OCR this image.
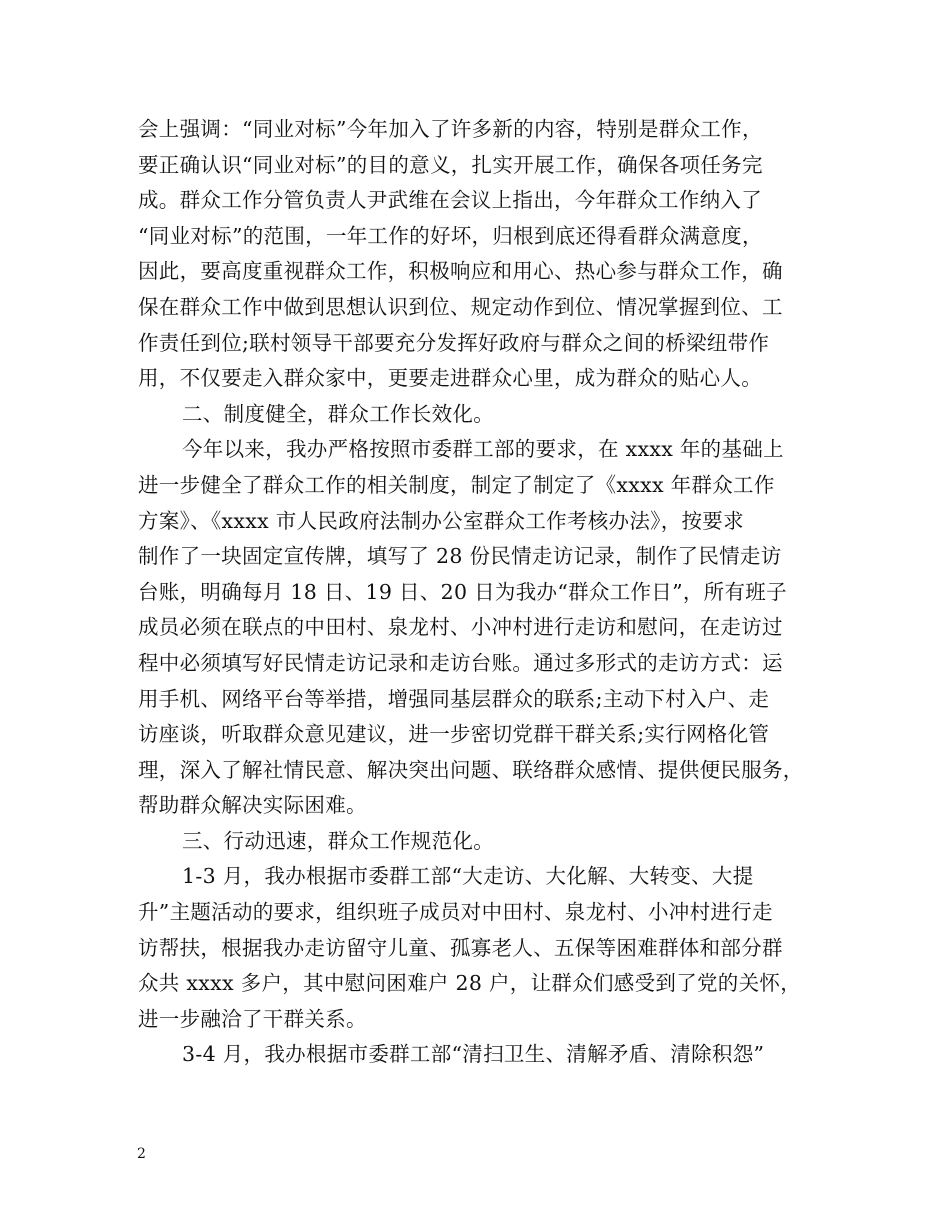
会上强调：“同业对标”今年加入了许多新的内容，特别是群众工作，
要正确认识“同业对标”的目的意义，扎实开展工作，确保各项任务完
成。群众工作分管负责人尹武维在会议上指出，今年群众工作纳入了
“同业对标”的范围，一年工作的好坏，归根到底还得看群众满意度，
因此，要高度重视群众工作，积极响应和用心、热心参与群众工作，确
保在群众工作中做到思想认识到位、规定动作到位、情况掌握到位、工
作责任到位;联村领导干部要充分发挥好政府与群众之间的桥梁纽带作
用，不仅要走入群众家中，更要走进群众心里，成为群众的贴心人。
二、制度健全，群众工作长效化。
今年以来，我办严格按照市委群工部的要求，在 xxxx 年的基础上
进一步健全了群众工作的相关制度，制定了制定了《xxxx 年群众工作
方案》、《xxxx 市人民政府法制办公室群众工作考核办法》，按要求
制作了一块固定宣传牌，填写了 28 份民情走访记录，制作了民情走访
台账，明确每月 18 日、19 日、20 日为我办“群众工作日”，所有班子
成员必须在联点的中田村、泉龙村、小冲村进行走访和慰问，在走访过
程中必须填写好民情走访记录和走访台账。通过多形式的走访方式：运
用手机、网络平台等举措，增强同基层群众的联系;主动下村入户、走
访座谈，听取群众意见建议，进一步密切党群干群关系;实行网格化管
理，深入了解社情民意、解决突出问题、联络群众感情、提供便民服务，
帮助群众解决实际困难。
三、行动迅速，群众工作规范化。
1-3 月，我办根据市委群工部“大走访、大化解、大转变、大提
升”主题活动的要求，组织班子成员对中田村、泉龙村、小冲村进行走
访帮扶，根据我办走访留守儿童、孤寡老人、五保等困难群体和部分群
众共 xxxx 多户，其中慰问困难户 28 户，让群众们感受到了党的关怀，
进一步融洽了干群关系。
3-4 月，我办根据市委群工部“清扫卫生、清解矛盾、清除积怨”
2
